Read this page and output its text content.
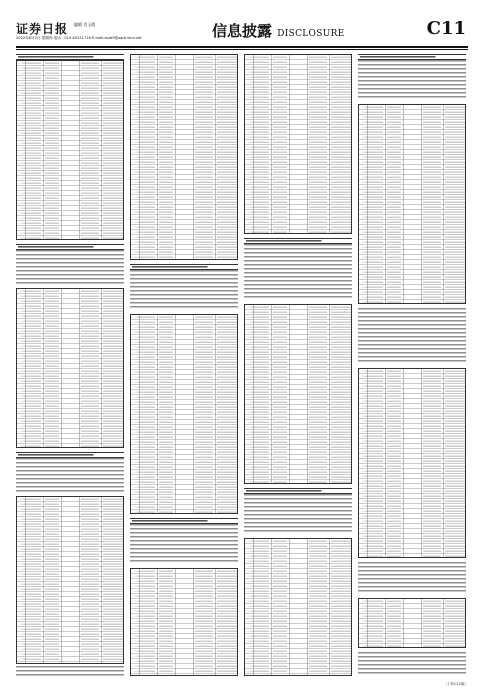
证券日报 编辑 肖玉霞
2022年6月2日 星期四 电话：010-83251716 E-mail:zqrb9@zqrb.sina.net	信息披露 DISCLOSURE	C11
（下转C12版）
